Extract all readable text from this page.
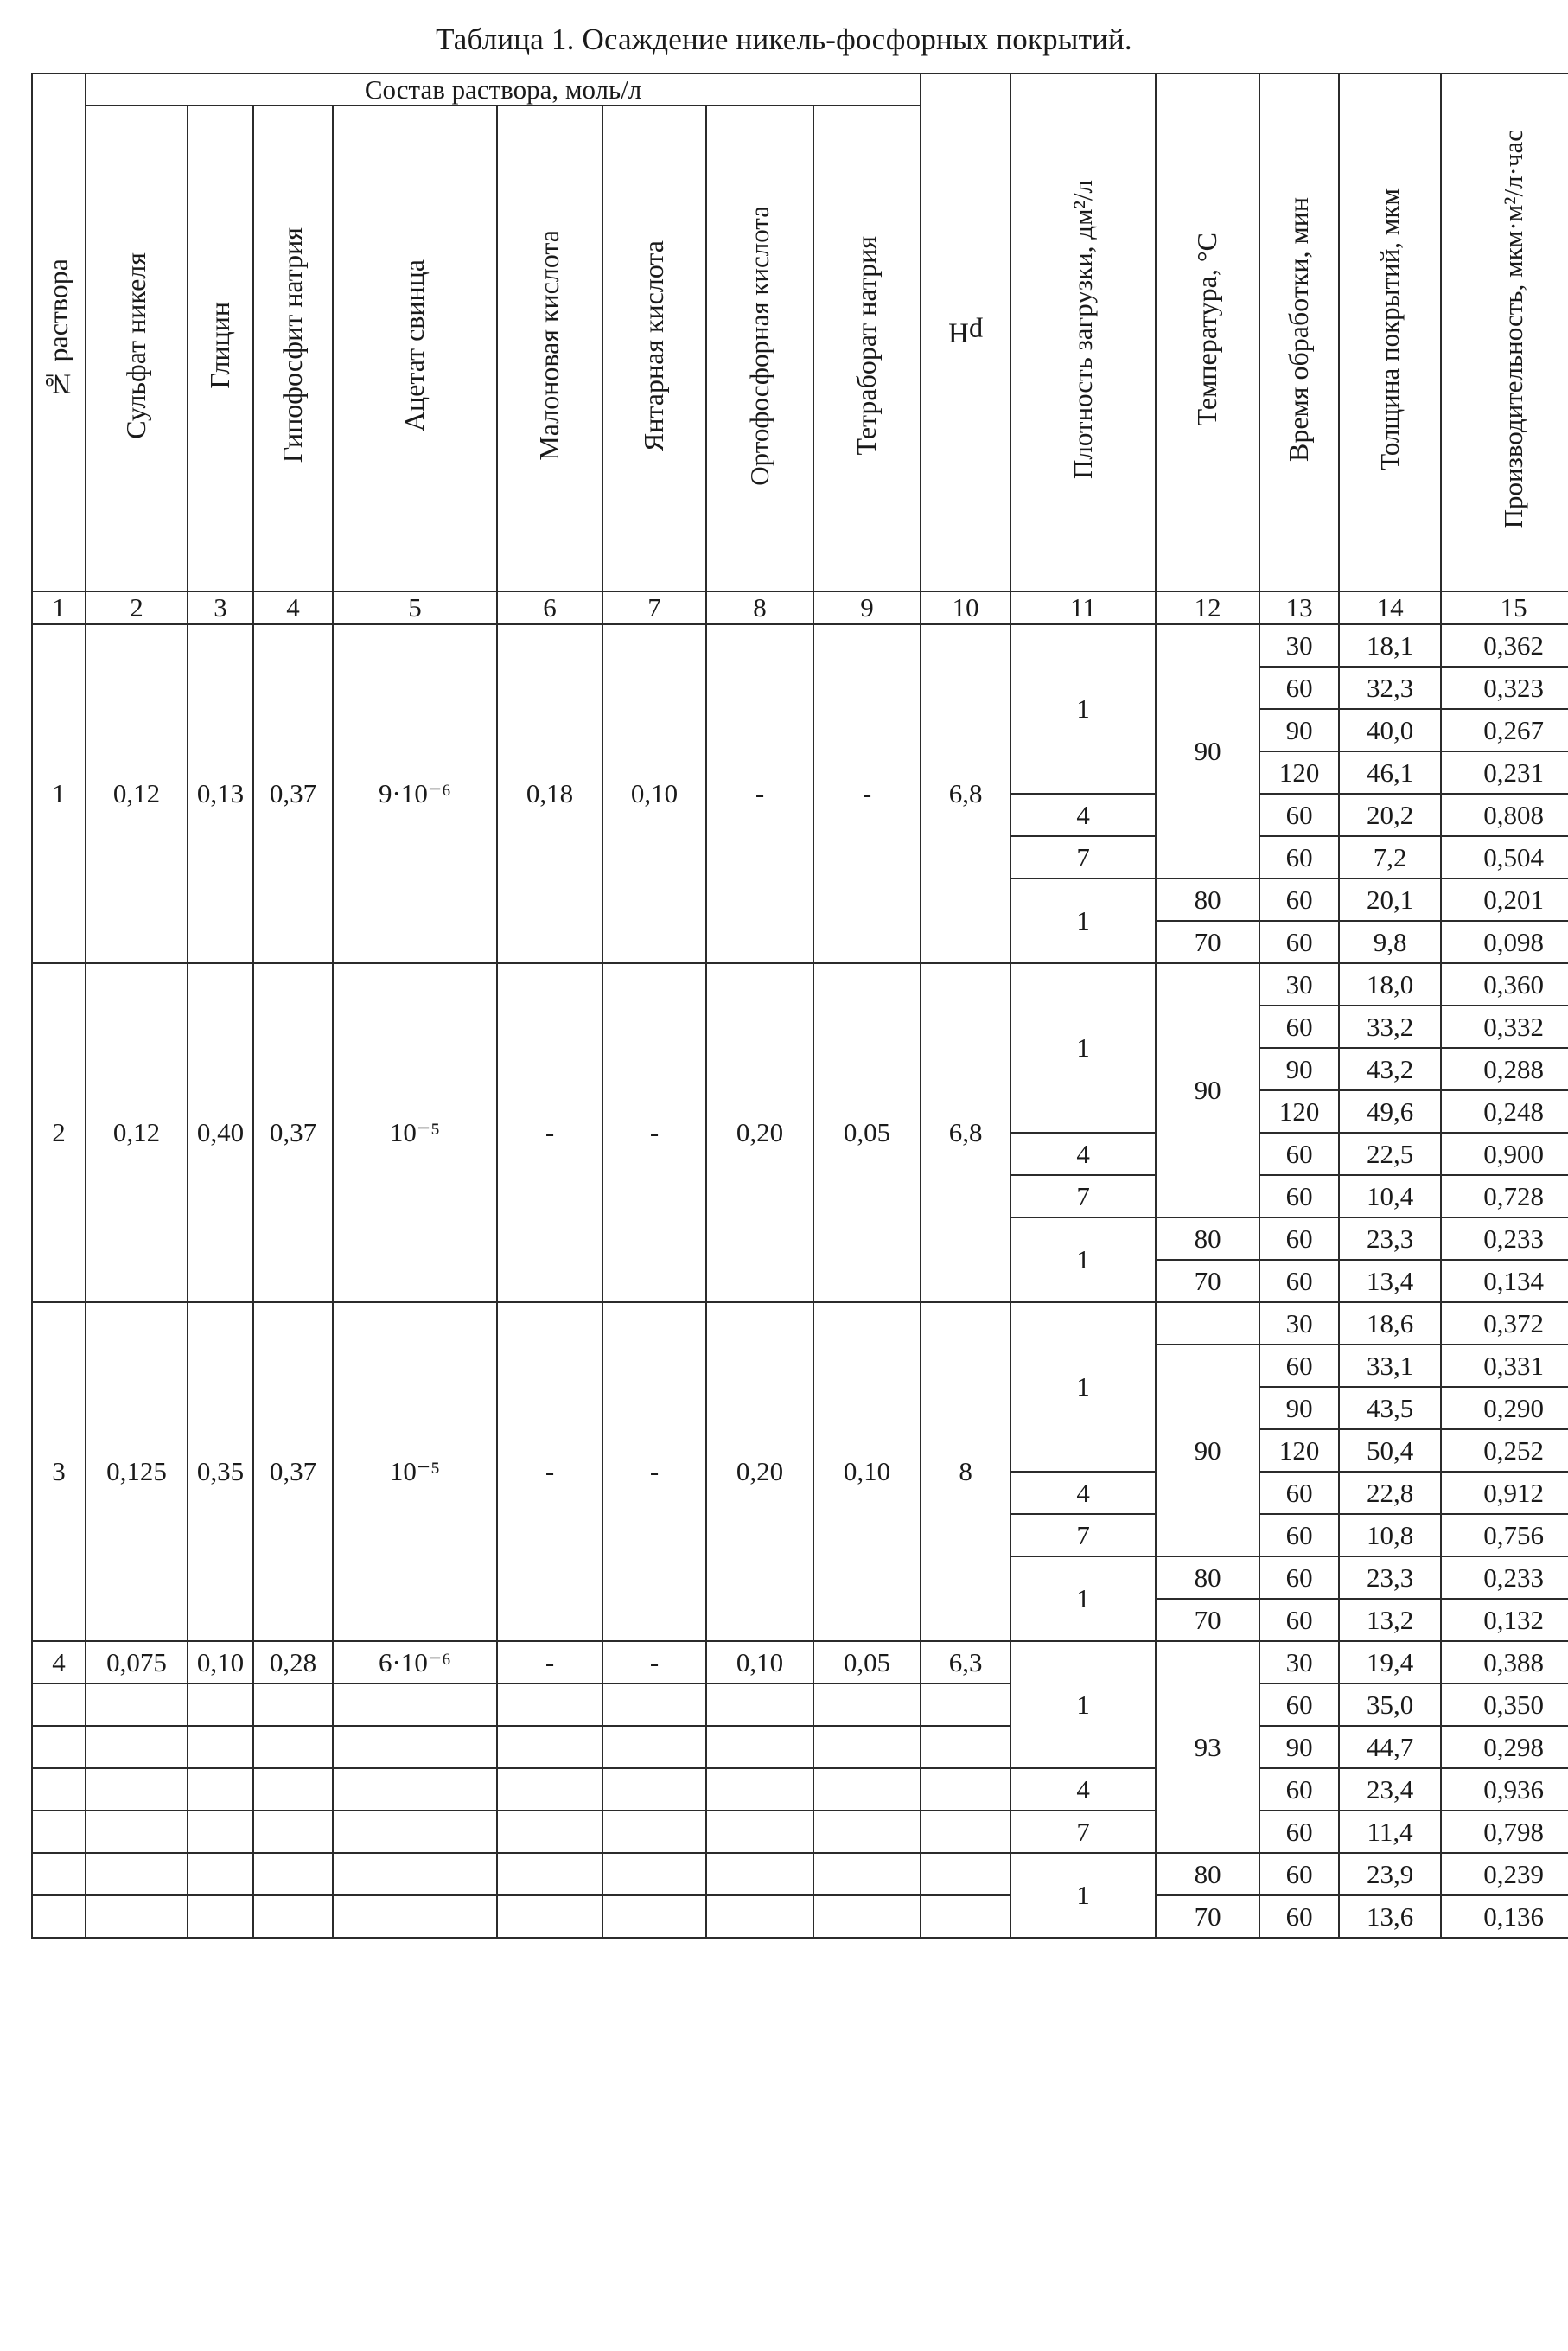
Таблица 1. Осаждение никель-фосфорных покрытий.
№ раствора	Состав раствора, моль/л								pH	Плотность загрузки, дм²/л	Температура, °C	Время обработки, мин	Толщина покрытий, мкм	Производительность, мкм·м²/л·час
	Сульфат никеля	Глицин	Гипофосфит натрия	Ацетат свинца	Малоновая кислота	Янтарная кислота	Ортофосфорная кислота	Тетраборат натрия						
1	2	3	4	5	6	7	8	9	10	11	12	13	14	15
1	0,12	0,13	0,37	9·10⁻⁶	0,18	0,10	-	-	6,8	1	90	30	18,1	0,362
												60	32,3	0,323
												90	40,0	0,267
												120	46,1	0,231
										4		60	20,2	0,808
										7		60	7,2	0,504
										1	80	60	20,1	0,201
											70	60	9,8	0,098
2	0,12	0,40	0,37	10⁻⁵	-	-	0,20	0,05	6,8	1	90	30	18,0	0,360
												60	33,2	0,332
												90	43,2	0,288
												120	49,6	0,248
										4		60	22,5	0,900
										7		60	10,4	0,728
										1	80	60	23,3	0,233
											70	60	13,4	0,134
3	0,125	0,35	0,37	10⁻⁵	-	-	0,20	0,10	8	1		30	18,6	0,372
											90	60	33,1	0,331
												90	43,5	0,290
												120	50,4	0,252
										4		60	22,8	0,912
										7		60	10,8	0,756
										1	80	60	23,3	0,233
											70	60	13,2	0,132
4	0,075	0,10	0,28	6·10⁻⁶	-	-	0,10	0,05	6,3	1	93	30	19,4	0,388
												60	35,0	0,350
												90	44,7	0,298
										4		60	23,4	0,936
										7		60	11,4	0,798
										1	80	60	23,9	0,239
											70	60	13,6	0,136
